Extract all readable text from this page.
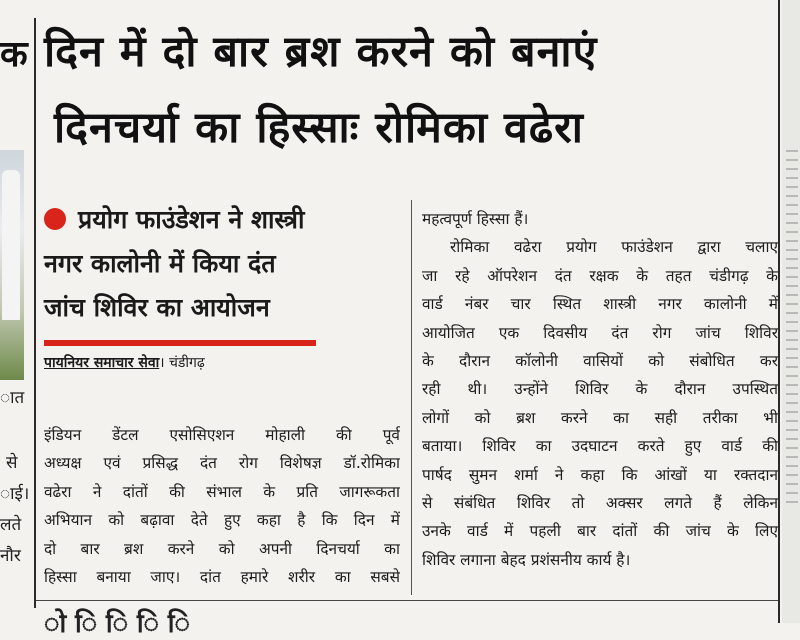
क
ात
से
ाई।
लते
नौर
दिन में दो बार ब्रश करने को बनाएं
दिनचर्या का हिस्साः रोमिका वढेरा
प्रयोग फाउंडेशन ने शास्त्री
नगर कालोनी में किया दंत
जांच शिविर का आयोजन
पायनियर समाचार सेवा। चंडीगढ़
इंडियन डेंटल एसोसिएशन मोहाली की पूर्व
अध्यक्ष एवं प्रसिद्ध दंत रोग विशेषज्ञ डॉ.रोमिका
वढेरा ने दांतों की संभाल के प्रति जागरूकता
अभियान को बढ़ावा देते हुए कहा है कि दिन में
दो बार ब्रश करने को अपनी दिनचर्या का
हिस्सा बनाया जाए। दांत हमारे शरीर का सबसे
महत्वपूर्ण हिस्सा हैं।
रोमिका वढेरा प्रयोग फाउंडेशन द्वारा चलाए
जा रहे ऑपरेशन दंत रक्षक के तहत चंडीगढ़ के
वार्ड नंबर चार स्थित शास्त्री नगर कालोनी में
आयोजित एक दिवसीय दंत रोग जांच शिविर
के दौरान कॉलोनी वासियों को संबोधित कर
रही थी। उन्होंने शिविर के दौरान उपस्थित
लोगों को ब्रश करने का सही तरीका भी
बताया। शिविर का उदघाटन करते हुए वार्ड की
पार्षद सुमन शर्मा ने कहा कि आंखों या रक्तदान
से संबंधित शिविर तो अक्सर लगते हैं लेकिन
उनके वार्ड में पहली बार दांतों की जांच के लिए
शिविर लगाना बेहद प्रशंसनीय कार्य है।
ो ि ि ि ि
